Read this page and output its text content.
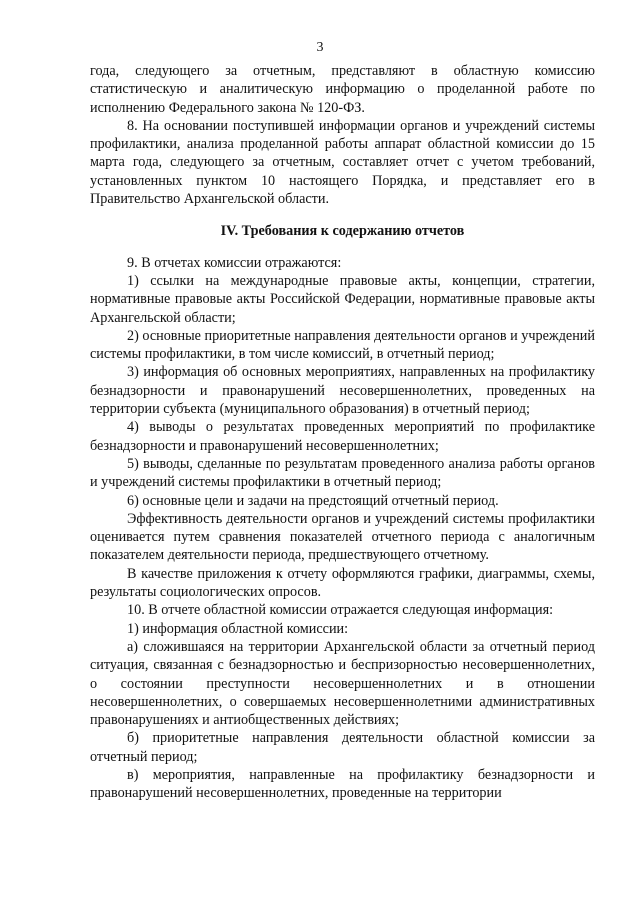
3
года, следующего за отчетным, представляют в областную комиссию статистическую и аналитическую информацию о проделанной работе по исполнению Федерального закона № 120-ФЗ.
8. На основании поступившей информации органов и учреждений системы профилактики, анализа проделанной работы аппарат областной комиссии до 15 марта года, следующего за отчетным, составляет отчет с учетом требований, установленных пунктом 10 настоящего Порядка, и представляет его в Правительство Архангельской области.
IV. Требования к содержанию отчетов
9. В отчетах комиссии отражаются:
1) ссылки на международные правовые акты, концепции, стратегии, нормативные правовые акты Российской Федерации, нормативные правовые акты Архангельской области;
2) основные приоритетные направления деятельности органов и учреждений системы профилактики, в том числе комиссий, в отчетный период;
3) информация об основных мероприятиях, направленных на профилактику безнадзорности и правонарушений несовершеннолетних, проведенных на территории субъекта (муниципального образования) в отчетный период;
4) выводы о результатах проведенных мероприятий по профилактике безнадзорности и правонарушений несовершеннолетних;
5) выводы, сделанные по результатам проведенного анализа работы органов и учреждений системы профилактики в отчетный период;
6) основные цели и задачи на предстоящий отчетный период.
Эффективность деятельности органов и учреждений системы профилактики оценивается путем сравнения показателей отчетного периода с аналогичным показателем деятельности периода, предшествующего отчетному.
В качестве приложения к отчету оформляются графики, диаграммы, схемы, результаты социологических опросов.
10. В отчете областной комиссии отражается следующая информация:
1) информация областной комиссии:
а) сложившаяся на территории Архангельской области за отчетный период ситуация, связанная с безнадзорностью и беспризорностью несовершеннолетних, о состоянии преступности несовершеннолетних и в отношении несовершеннолетних, о совершаемых несовершеннолетними административных правонарушениях и антиобщественных действиях;
б) приоритетные направления деятельности областной комиссии за отчетный период;
в) мероприятия, направленные на профилактику безнадзорности и правонарушений несовершеннолетних, проведенные на территории
